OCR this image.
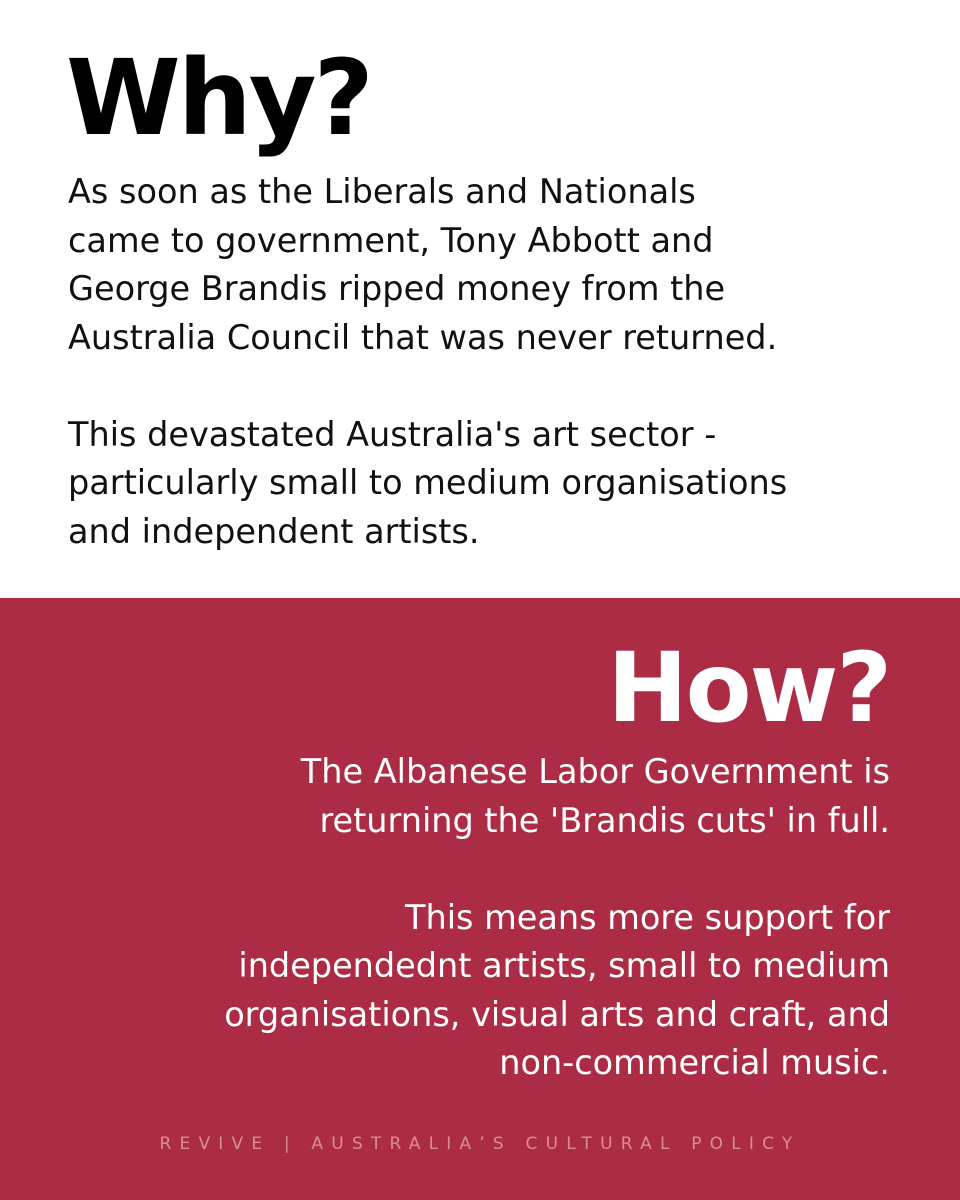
Why?

As soon as the Liberals and Nationals
came to government, Tony Abbott and
George Brandis ripped money from the
Australia Council that was never returned.

This devastated Australia's art sector -
particularly small to medium organisations
and independent artists.

How?

The Albanese Labor Government is
returning the 'Brandis cuts' in full.

This means more support for
independednt artists, small to medium
organisations, visual arts and craft, and
non-commercial music.

REVIVE | AUSTRALIA’S CULTURAL POLICY
